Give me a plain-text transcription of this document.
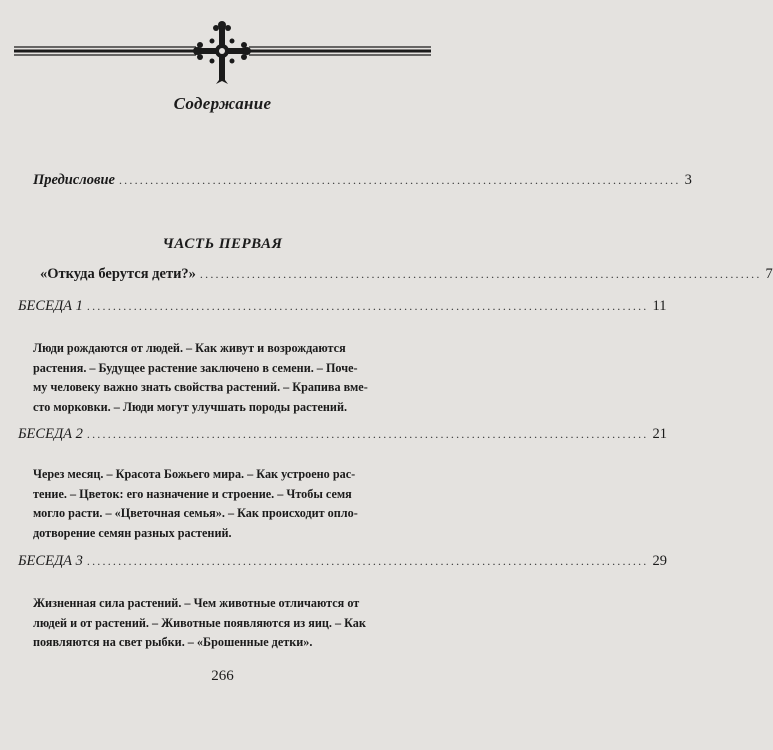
Содержание
Предисловие ............................................................................................................ 3
ЧАСТЬ ПЕРВАЯ
«Откуда берутся дети?» ............................................................................................................ 7
БЕСЕДА 1 ............................................................................................................ 11
Люди рождаются от людей. – Как живут и возрождаются
растения. – Будущее растение заключено в семени. – Поче-
му человеку важно знать свойства растений. – Крапива вме-
сто морковки. – Люди могут улучшать породы растений.
БЕСЕДА 2 ............................................................................................................ 21
Через месяц. – Красота Божьего мира. – Как устроено рас-
тение. – Цветок: его назначение и строение. – Чтобы семя
могло расти. – «Цветочная семья». – Как происходит опло-
дотворение семян разных растений.
БЕСЕДА 3 ............................................................................................................ 29
Жизненная сила растений. – Чем животные отличаются от
людей и от растений. – Животные появляются из яиц. – Как
появляются на свет рыбки. – «Брошенные детки».
266
